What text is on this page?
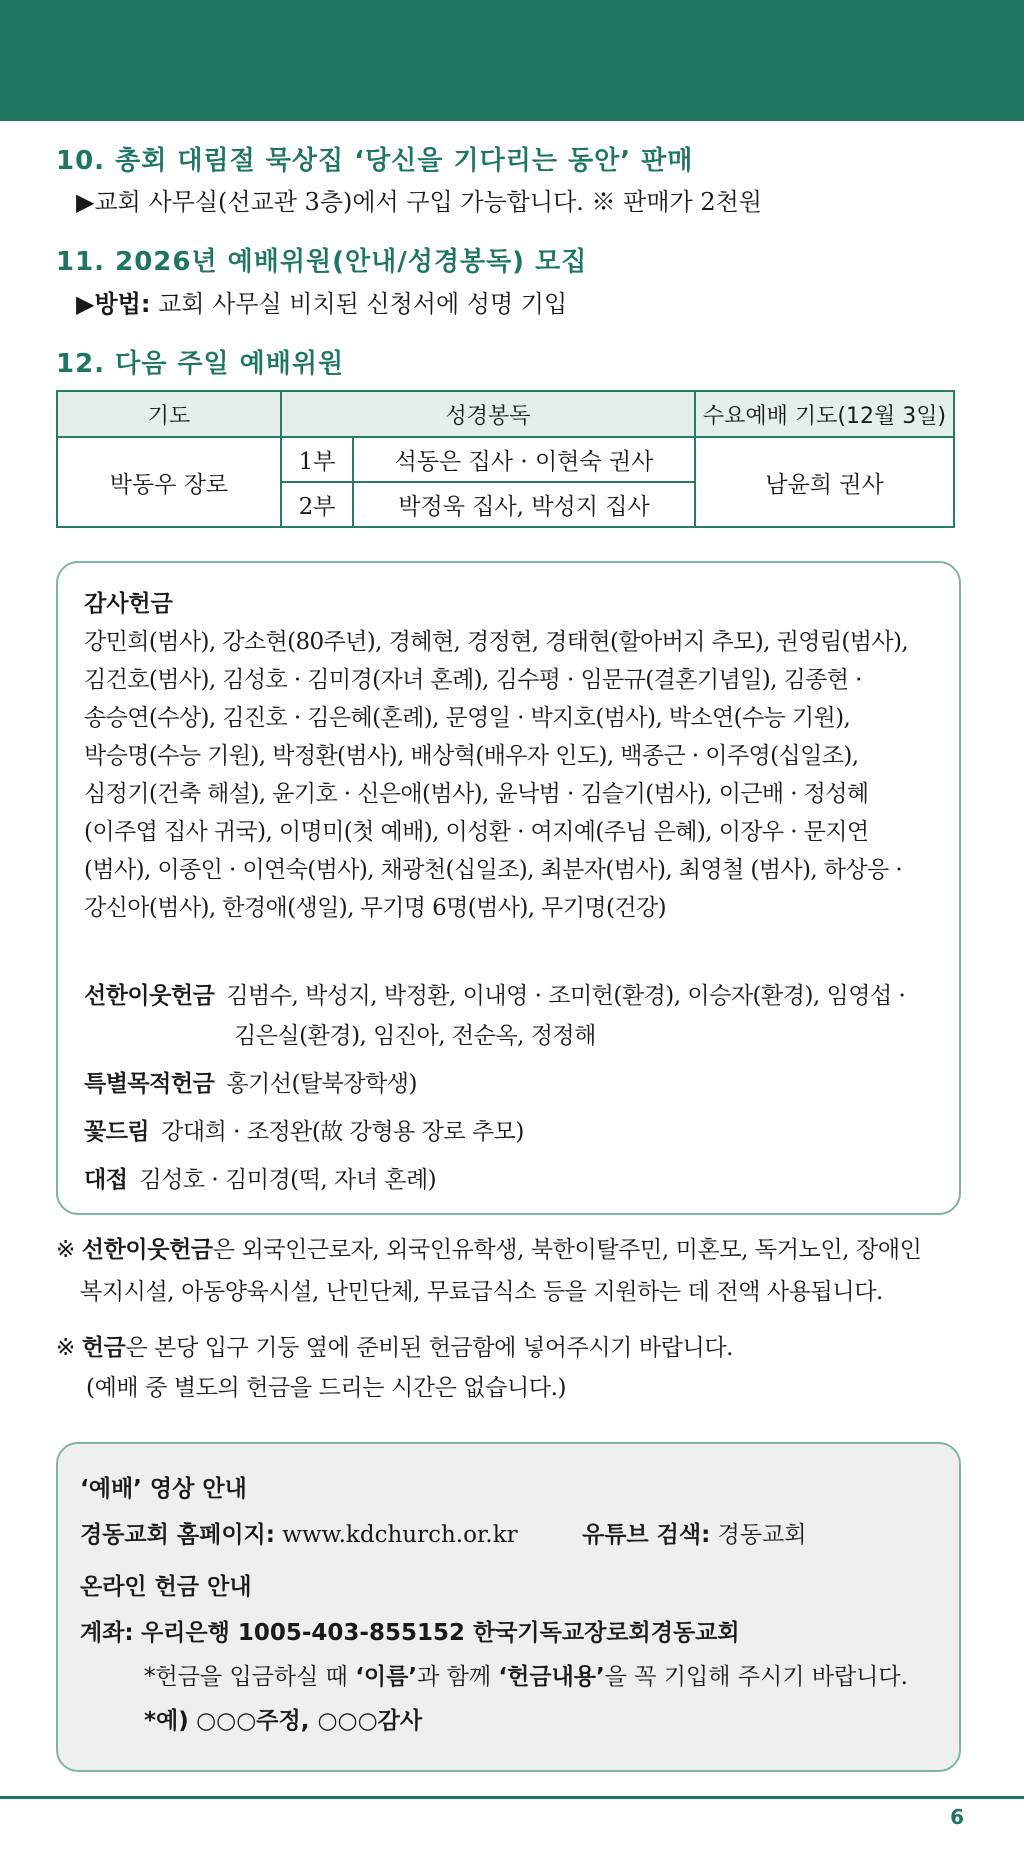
10. 총회 대림절 묵상집 ‘당신을 기다리는 동안’ 판매
▶교회 사무실(선교관 3층)에서 구입 가능합니다. ※ 판매가 2천원
11. 2026년 예배위원(안내/성경봉독) 모집
▶방법: 교회 사무실 비치된 신청서에 성명 기입
12. 다음 주일 예배위원
기도	성경봉독		수요예배 기도(12월 3일)
박동우 장로	1부	석동은 집사 · 이현숙 권사	남윤희 권사
	2부	박정욱 집사, 박성지 집사	
감사헌금
강민희(범사), 강소현(80주년), 경혜현, 경정현, 경태현(할아버지 추모), 권영림(범사),
김건호(범사), 김성호 · 김미경(자녀 혼례), 김수평 · 임문규(결혼기념일), 김종현 ·
송승연(수상), 김진호 · 김은혜(혼례), 문영일 · 박지호(범사), 박소연(수능 기원),
박승명(수능 기원), 박정환(범사), 배상혁(배우자 인도), 백종근 · 이주영(십일조),
심정기(건축 해설), 윤기호 · 신은애(범사), 윤낙범 · 김슬기(범사), 이근배 · 정성혜
(이주엽 집사 귀국), 이명미(첫 예배), 이성환 · 여지예(주님 은혜), 이장우 · 문지연
(범사), 이종인 · 이연숙(범사), 채광천(십일조), 최분자(범사), 최영철 (범사), 하상응 ·
강신아(범사), 한경애(생일), 무기명 6명(범사), 무기명(건강)
선한이웃헌금 김범수, 박성지, 박정환, 이내영 · 조미헌(환경), 이승자(환경), 임영섭 ·
김은실(환경), 임진아, 전순옥, 정정해
특별목적헌금 홍기선(탈북장학생)
꽃드림 강대희 · 조정완(故 강형용 장로 추모)
대접 김성호 · 김미경(떡, 자녀 혼례)
※ 선한이웃헌금은 외국인근로자, 외국인유학생, 북한이탈주민, 미혼모, 독거노인, 장애인
복지시설, 아동양육시설, 난민단체, 무료급식소 등을 지원하는 데 전액 사용됩니다.
※ 헌금은 본당 입구 기둥 옆에 준비된 헌금함에 넣어주시기 바랍니다.
(예배 중 별도의 헌금을 드리는 시간은 없습니다.)
‘예배’ 영상 안내
경동교회 홈페이지: www.kdchurch.or.kr	유튜브 검색: 경동교회
온라인 헌금 안내
계좌: 우리은행 1005-403-855152 한국기독교장로회경동교회
*헌금을 입금하실 때 ‘이름’과 함께 ‘헌금내용’을 꼭 기입해 주시기 바랍니다.
*예) ○○○주정, ○○○감사
6
